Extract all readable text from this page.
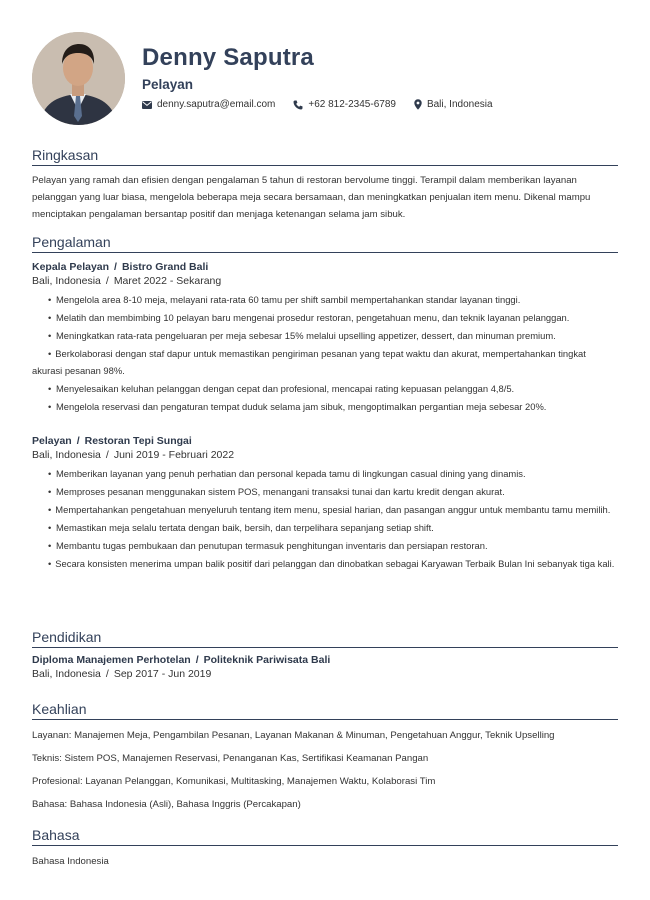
Denny Saputra
Pelayan
denny.saputra@email.com	+62 812-2345-6789	Bali, Indonesia
Ringkasan
Pelayan yang ramah dan efisien dengan pengalaman 5 tahun di restoran bervolume tinggi. Terampil dalam memberikan layanan pelanggan yang luar biasa, mengelola beberapa meja secara bersamaan, dan meningkatkan penjualan item menu. Dikenal mampu menciptakan pengalaman bersantap positif dan menjaga ketenangan selama jam sibuk.
Pengalaman
Kepala Pelayan / Bistro Grand Bali
Bali, Indonesia / Maret 2022 - Sekarang
• Mengelola area 8-10 meja, melayani rata-rata 60 tamu per shift sambil mempertahankan standar layanan tinggi.
• Melatih dan membimbing 10 pelayan baru mengenai prosedur restoran, pengetahuan menu, dan teknik layanan pelanggan.
• Meningkatkan rata-rata pengeluaran per meja sebesar 15% melalui upselling appetizer, dessert, dan minuman premium.
• Berkolaborasi dengan staf dapur untuk memastikan pengiriman pesanan yang tepat waktu dan akurat, mempertahankan tingkat akurasi pesanan 98%.
• Menyelesaikan keluhan pelanggan dengan cepat dan profesional, mencapai rating kepuasan pelanggan 4,8/5.
• Mengelola reservasi dan pengaturan tempat duduk selama jam sibuk, mengoptimalkan pergantian meja sebesar 20%.
Pelayan / Restoran Tepi Sungai
Bali, Indonesia / Juni 2019 - Februari 2022
• Memberikan layanan yang penuh perhatian dan personal kepada tamu di lingkungan casual dining yang dinamis.
• Memproses pesanan menggunakan sistem POS, menangani transaksi tunai dan kartu kredit dengan akurat.
• Mempertahankan pengetahuan menyeluruh tentang item menu, spesial harian, dan pasangan anggur untuk membantu tamu memilih.
• Memastikan meja selalu tertata dengan baik, bersih, dan terpelihara sepanjang setiap shift.
• Membantu tugas pembukaan dan penutupan termasuk penghitungan inventaris dan persiapan restoran.
• Secara konsisten menerima umpan balik positif dari pelanggan dan dinobatkan sebagai Karyawan Terbaik Bulan Ini sebanyak tiga kali.
Pendidikan
Diploma Manajemen Perhotelan / Politeknik Pariwisata Bali
Bali, Indonesia / Sep 2017 - Jun 2019
Keahlian
Layanan: Manajemen Meja, Pengambilan Pesanan, Layanan Makanan & Minuman, Pengetahuan Anggur, Teknik Upselling
Teknis: Sistem POS, Manajemen Reservasi, Penanganan Kas, Sertifikasi Keamanan Pangan
Profesional: Layanan Pelanggan, Komunikasi, Multitasking, Manajemen Waktu, Kolaborasi Tim
Bahasa: Bahasa Indonesia (Asli), Bahasa Inggris (Percakapan)
Bahasa
Bahasa Indonesia
